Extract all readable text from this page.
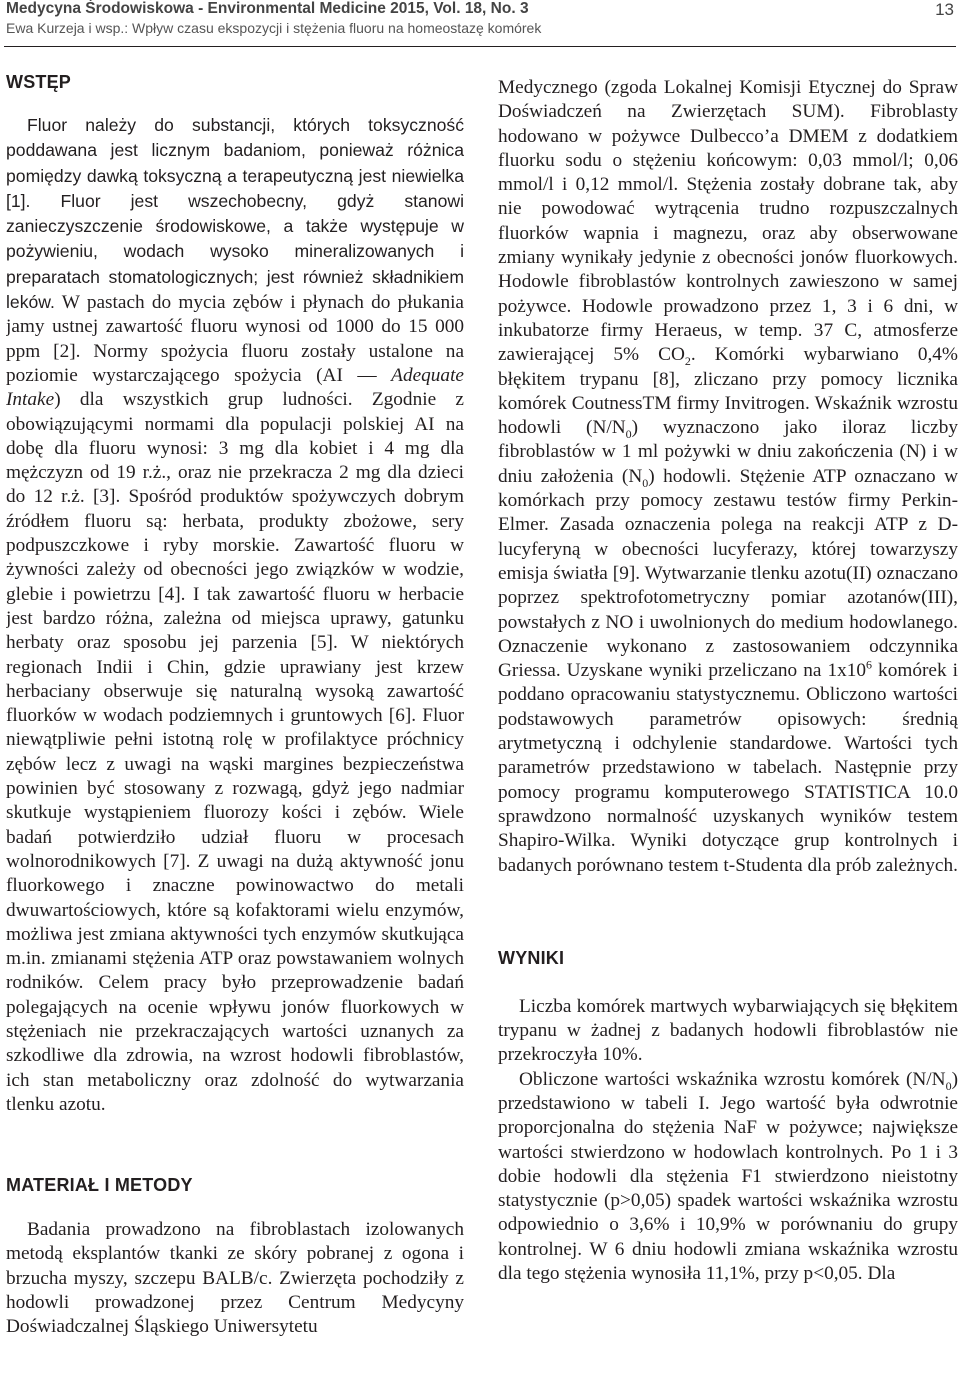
Medycyna Środowiskowa - Environmental Medicine 2015, Vol. 18, No. 3
Ewa Kurzeja i wsp.: Wpływ czasu ekspozycji i stężenia fluoru na homeostazę komórek
13
WSTĘP

Fluor należy do substancji, których toksyczność poddawana jest licznym badaniom, ponieważ różnica pomiędzy dawką toksyczną a terapeutyczną jest niewielka [1]. Fluor jest wszechobecny, gdyż stanowi zanieczyszczenie środowiskowe, a także występuje w pożywieniu, wodach wysoko mineralizowanych i preparatach stomatologicznych; jest również składnikiem leków. W pastach do mycia zębów i płynach do płukania jamy ustnej zawartość fluoru wynosi od 1000 do 15 000 ppm [2]. Normy spożycia fluoru zostały ustalone na poziomie wystarczającego spożycia (AI — Adequate Intake) dla wszystkich grup ludności. Zgodnie z obowiązującymi normami dla populacji polskiej AI na dobę dla fluoru wynosi: 3 mg dla kobiet i 4 mg dla mężczyzn od 19 r.ż., oraz nie przekracza 2 mg dla dzieci do 12 r.ż. [3]. Spośród produktów spożywczych dobrym źródłem fluoru są: herbata, produkty zbożowe, sery podpuszczkowe i ryby morskie. Zawartość fluoru w żywności zależy od obecności jego związków w wodzie, glebie i powietrzu [4]. I tak zawartość fluoru w herbacie jest bardzo różna, zależna od miejsca uprawy, gatunku herbaty oraz sposobu jej parzenia [5]. W niektórych regionach Indii i Chin, gdzie uprawiany jest krzew herbaciany obserwuje się naturalną wysoką zawartość fluorków w wodach podziemnych i gruntowych [6]. Fluor niewątpliwie pełni istotną rolę w profilaktyce próchnicy zębów lecz z uwagi na wąski margines bezpieczeństwa powinien być stosowany z rozwagą, gdyż jego nadmiar skutkuje wystąpieniem fluorozy kości i zębów. Wiele badań potwierdziło udział fluoru w procesach wolnorodnikowych [7]. Z uwagi na dużą aktywność jonu fluorkowego i znaczne powinowactwo do metali dwuwartościowych, które są kofaktorami wielu enzymów, możliwa jest zmiana aktywności tych enzymów skutkująca m.in. zmianami stężenia ATP oraz powstawaniem wolnych rodników. Celem pracy było przeprowadzenie badań polegających na ocenie wpływu jonów fluorkowych w stężeniach nie przekraczających wartości uznanych za szkodliwe dla zdrowia, na wzrost hodowli fibroblastów, ich stan metaboliczny oraz zdolność do wytwarzania tlenku azotu.

MATERIAŁ I METODY

Badania prowadzono na fibroblastach izolowanych metodą eksplantów tkanki ze skóry pobranej z ogona i brzucha myszy, szczepu BALB/c. Zwierzęta pochodziły z hodowli prowadzonej przez Centrum Medycyny Doświadczalnej Śląskiego Uniwersytetu

Medycznego (zgoda Lokalnej Komisji Etycznej do Spraw Doświadczeń na Zwierzętach SUM). Fibroblasty hodowano w pożywce Dulbecco’a DMEM z dodatkiem fluorku sodu o stężeniu końcowym: 0,03 mmol/l; 0,06 mmol/l i 0,12 mmol/l. Stężenia zostały dobrane tak, aby nie powodować wytrącenia trudno rozpuszczalnych fluorków wapnia i magnezu, oraz aby obserwowane zmiany wynikały jedynie z obecności jonów fluorkowych. Hodowle fibroblastów kontrolnych zawieszono w samej pożywce. Hodowle prowadzono przez 1, 3 i 6 dni, w inkubatorze firmy Heraeus, w temp. 37 C, atmosferze zawierającej 5% $CO_2$. Komórki wybarwiano 0,4% błękitem trypanu [8], zliczano przy pomocy licznika komórek CoutnessTM firmy Invitrogen. Wskaźnik wzrostu hodowli $(N/N_0)$ wyznaczono jako iloraz liczby fibroblastów w 1 ml pożywki w dniu zakończenia (N) i w dniu założenia $(N_0)$ hodowli. Stężenie ATP oznaczano w komórkach przy pomocy zestawu testów firmy Perkin-Elmer. Zasada oznaczenia polega na reakcji ATP z D-lucyferyną w obecności lucyferazy, której towarzyszy emisja światła [9]. Wytwarzanie tlenku azotu(II) oznaczano poprzez spektrofotometryczny pomiar azotanów(III), powstałych z NO i uwolnionych do medium hodowlanego. Oznaczenie wykonano z zastosowaniem odczynnika Griessa. Uzyskane wyniki przeliczano na $1x10^6$ komórek i poddano opracowaniu statystycznemu. Obliczono wartości podstawowych parametrów opisowych: średnią arytmetyczną i odchylenie standardowe. Wartości tych parametrów przedstawiono w tabelach. Następnie przy pomocy programu komputerowego STATISTICA 10.0 sprawdzono normalność uzyskanych wyników testem Shapiro-Wilka. Wyniki dotyczące grup kontrolnych i badanych porównano testem t-Studenta dla prób zależnych.

WYNIKI

Liczba komórek martwych wybarwiających się błękitem trypanu w żadnej z badanych hodowli fibroblastów nie przekroczyła 10%.

Obliczone wartości wskaźnika wzrostu komórek $(N/N_0)$ przedstawiono w tabeli I. Jego wartość była odwrotnie proporcjonalna do stężenia NaF w pożywce; największe wartości stwierdzono w hodowlach kontrolnych. Po 1 i 3 dobie hodowli dla stężenia F1 stwierdzono nieistotny statystycznie (p>0,05) spadek wartości wskaźnika wzrostu odpowiednio o 3,6% i 10,9% w porównaniu do grupy kontrolnej. W 6 dniu hodowli zmiana wskaźnika wzrostu dla tego stężenia wynosiła 11,1%, przy p<0,05. Dla
